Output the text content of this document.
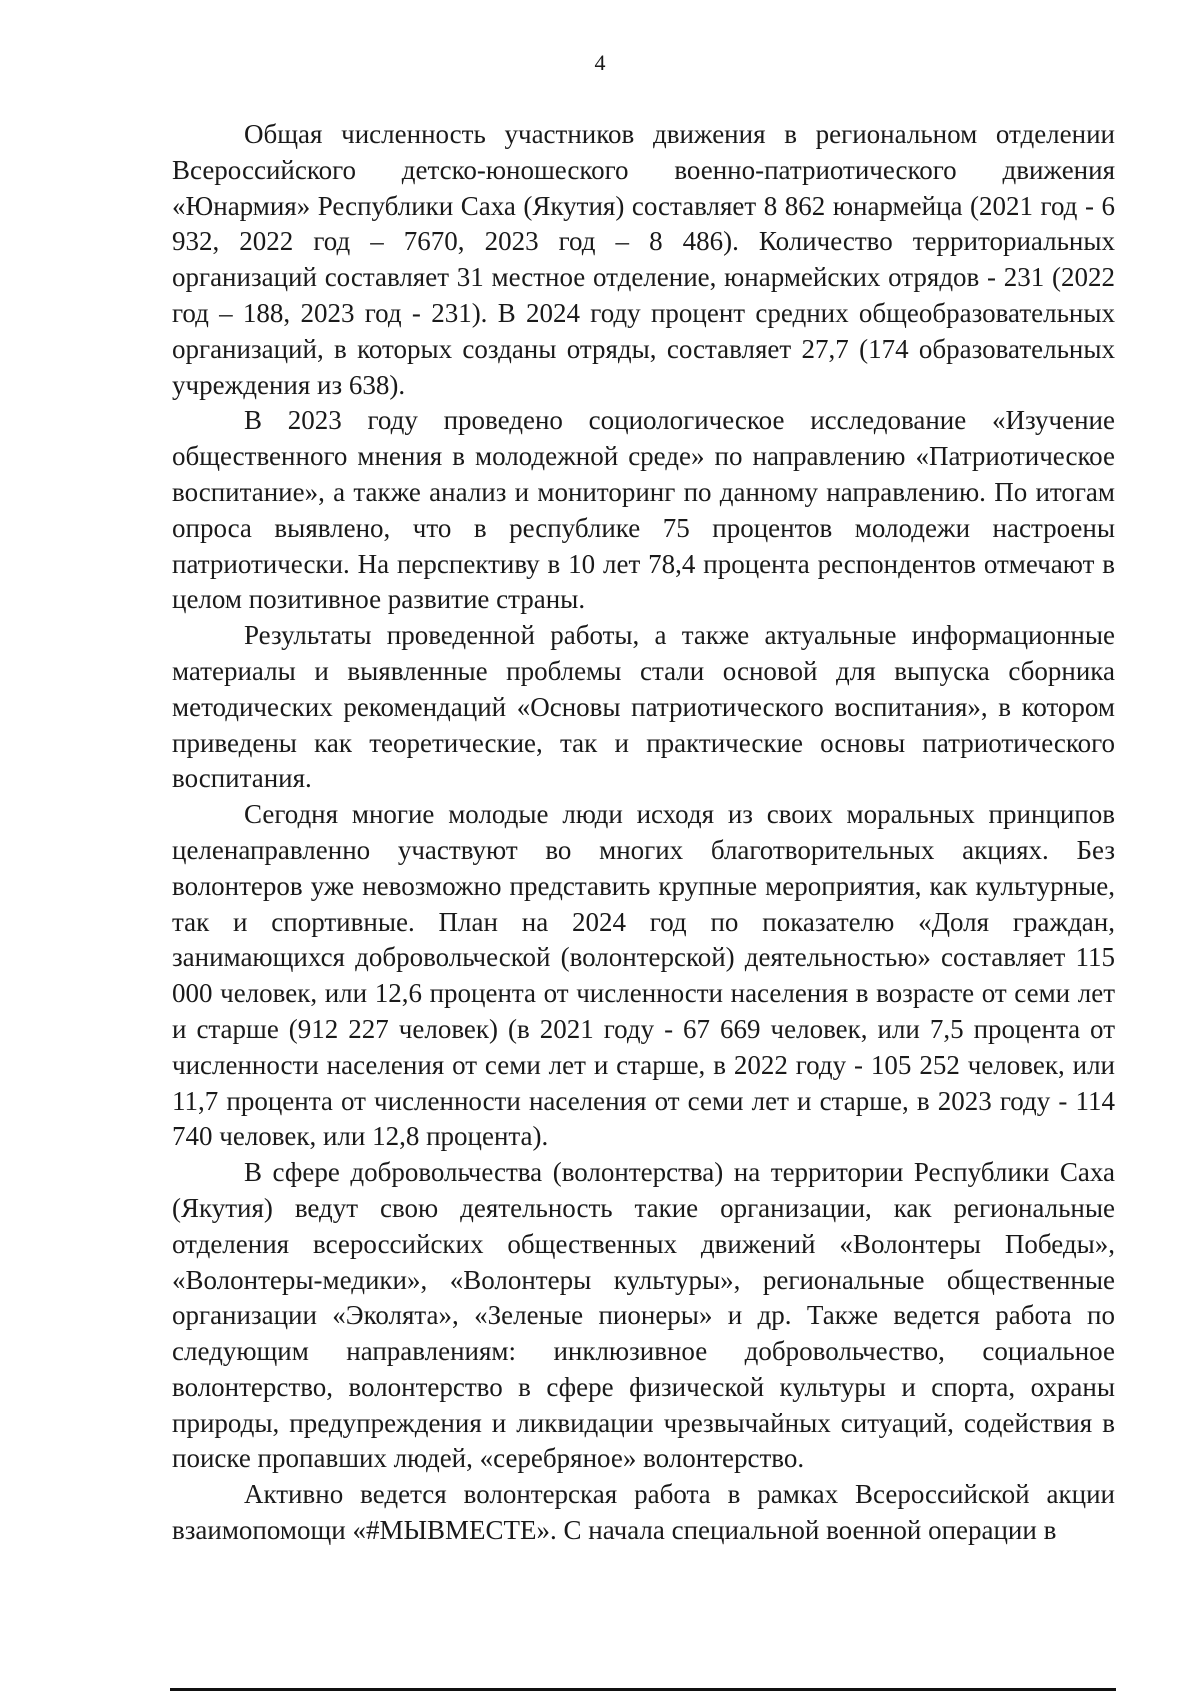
4

Общая численность участников движения в региональном отделении Всероссийского детско-юношеского военно-патриотического движения «Юнармия» Республики Саха (Якутия) составляет 8 862 юнармейца (2021 год - 6 932, 2022 год – 7670, 2023 год – 8 486). Количество территориальных организаций составляет 31 местное отделение, юнармейских отрядов - 231 (2022 год – 188, 2023 год - 231). В 2024 году процент средних общеобразовательных организаций, в которых созданы отряды, составляет 27,7 (174 образовательных учреждения из 638).

В 2023 году проведено социологическое исследование «Изучение общественного мнения в молодежной среде» по направлению «Патриотическое воспитание», а также анализ и мониторинг по данному направлению. По итогам опроса выявлено, что в республике 75 процентов молодежи настроены патриотически. На перспективу в 10 лет 78,4 процента респондентов отмечают в целом позитивное развитие страны.

Результаты проведенной работы, а также актуальные информационные материалы и выявленные проблемы стали основой для выпуска сборника методических рекомендаций «Основы патриотического воспитания», в котором приведены как теоретические, так и практические основы патриотического воспитания.

Сегодня многие молодые люди исходя из своих моральных принципов целенаправленно участвуют во многих благотворительных акциях. Без волонтеров уже невозможно представить крупные мероприятия, как культурные, так и спортивные. План на 2024 год по показателю «Доля граждан, занимающихся добровольческой (волонтерской) деятельностью» составляет 115 000 человек, или 12,6 процента от численности населения в возрасте от семи лет и старше (912 227 человек) (в 2021 году - 67 669 человек, или 7,5 процента от численности населения от семи лет и старше, в 2022 году - 105 252 человек, или 11,7 процента от численности населения от семи лет и старше, в 2023 году - 114 740 человек, или 12,8 процента).

В сфере добровольчества (волонтерства) на территории Республики Саха (Якутия) ведут свою деятельность такие организации, как региональные отделения всероссийских общественных движений «Волонтеры Победы», «Волонтеры-медики», «Волонтеры культуры», региональные общественные организации «Эколята», «Зеленые пионеры» и др. Также ведется работа по следующим направлениям: инклюзивное добровольчество, социальное волонтерство, волонтерство в сфере физической культуры и спорта, охраны природы, предупреждения и ликвидации чрезвычайных ситуаций, содействия в поиске пропавших людей, «серебряное» волонтерство.

Активно ведется волонтерская работа в рамках Всероссийской акции взаимопомощи «#МЫВМЕСТЕ». С начала специальной военной операции в
